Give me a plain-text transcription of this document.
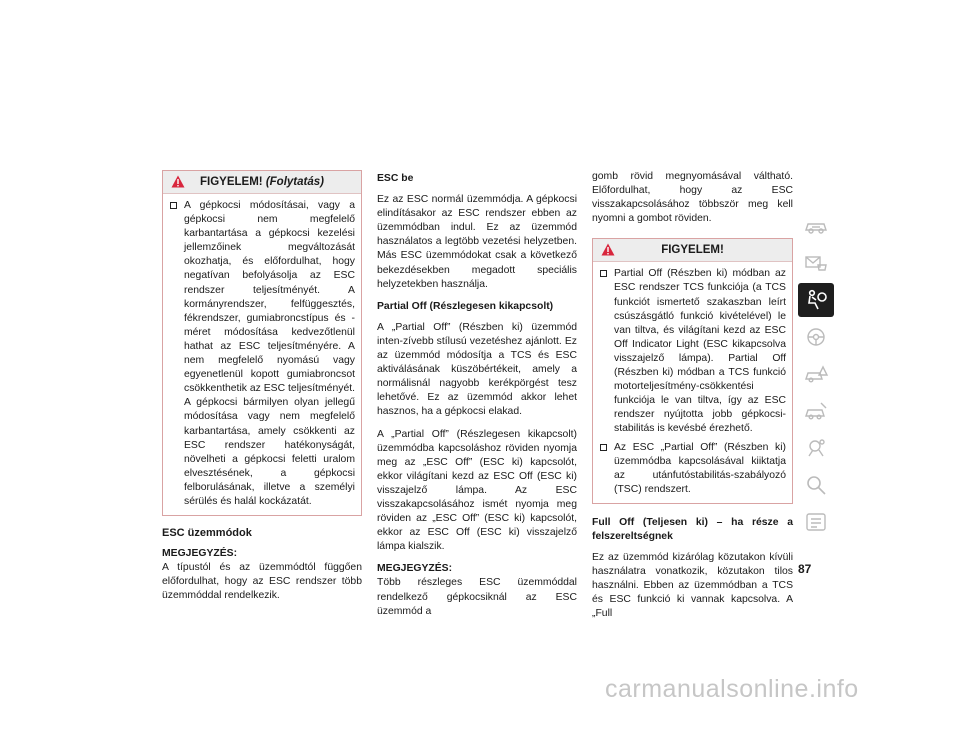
FIGYELEM! (Folytatás)
A gépkocsi módosításai, vagy a gépkocsi nem megfelelő karbantartása a gépkocsi kezelési jellemzőinek megváltozását okozhatja, és előfordulhat, hogy negatívan befolyásolja az ESC rendszer teljesítményét. A kormányrendszer, felfüggesztés, fékrendszer, gumiabroncstípus és -méret módosítása kedvezőtlenül hathat az ESC teljesítményére. A nem megfelelő nyomású vagy egyenetlenül kopott gumiabroncsot csökkenthetik az ESC teljesítményét. A gépkocsi bármilyen olyan jellegű módosítása vagy nem megfelelő karbantartása, amely csökkenti az ESC rendszer hatékonyságát, növelheti a gépkocsi feletti uralom elvesztésének, a gépkocsi felborulásának, illetve a személyi sérülés és halál kockázatát.
ESC üzemmódok

MEGJEGYZÉS:

A típustól és az üzemmódtól függően előfordulhat, hogy az ESC rendszer több üzemmóddal rendelkezik.

ESC be

Ez az ESC normál üzemmódja. A gépkocsi elindításakor az ESC rendszer ebben az üzemmódban indul. Ez az üzemmód használatos a legtöbb vezetési helyzetben. Más ESC üzemmódokat csak a következő bekezdésekben megadott speciális helyzetekben használja.

Partial Off (Részlegesen kikapcsolt)

A „Partial Off” (Részben ki) üzemmód inten-zívebb stílusú vezetéshez ajánlott. Ez az üzemmód módosítja a TCS és ESC aktiválásának küszöbértékeit, amely a normálisnál nagyobb kerékpörgést tesz lehetővé. Ez az üzemmód akkor lehet hasznos, ha a gépkocsi elakad.

A „Partial Off” (Részlegesen kikapcsolt) üzemmódba kapcsoláshoz röviden nyomja meg az „ESC Off” (ESC ki) kapcsolót, ekkor világítani kezd az ESC Off (ESC ki) visszajelző lámpa. Az ESC visszakapcsolásához ismét nyomja meg röviden az „ESC Off” (ESC ki) kapcsolót, ekkor az ESC Off (ESC ki) visszajelző lámpa kialszik.

MEGJEGYZÉS:

Több részleges ESC üzemmóddal rendelkező gépkocsiknál az ESC üzemmód a

gomb rövid megnyomásával váltható. Előfordulhat, hogy az ESC visszakapcsolásához többször meg kell nyomni a gombot röviden.

FIGYELEM!
Partial Off (Részben ki) módban az ESC rendszer TCS funkciója (a TCS funkciót ismertető szakaszban leírt csúszásgátló funkció kivételével) le van tiltva, és világítani kezd az ESC Off Indicator Light (ESC kikapcsolva visszajelző lámpa). Partial Off (Részben ki) módban a TCS funkció motorteljesítmény-csökkentési funkciója le van tiltva, így az ESC rendszer nyújtotta jobb gépkocsi-stabilitás is kevésbé érezhető.
Az ESC „Partial Off” (Részben ki) üzemmódba kapcsolásával kiiktatja az utánfutóstabilitás-szabályozó (TSC) rendszert.

Full Off (Teljesen ki) – ha része a felszereltségnek

Ez az üzemmód kizárólag közutakon kívüli használatra vonatkozik, közutakon tilos használni. Ebben az üzemmódban a TCS és ESC funkció ki vannak kapcsolva. A „Full

87
carmanualsonline.info
